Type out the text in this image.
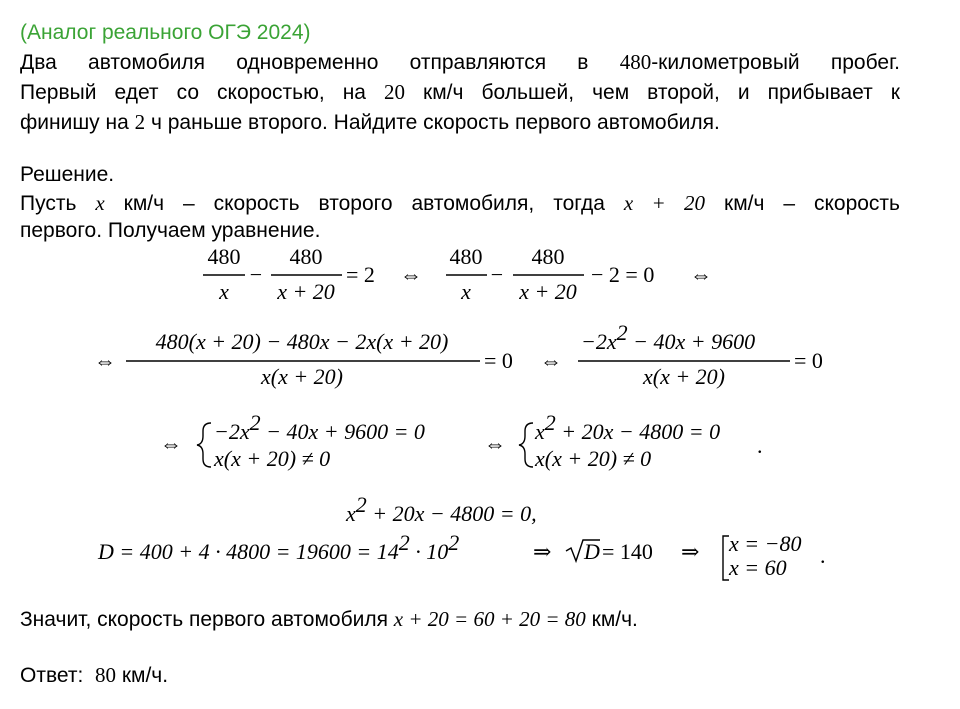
(Аналог реального ОГЭ 2024)

Два автомобиля одновременно отправляются в 480-километровый пробег.

Первый едет со скоростью, на 20 км/ч большей, чем второй, и прибывает к

финишу на 2 ч раньше второго. Найдите скорость первого автомобиля.

Решение.

Пусть x км/ч – скорость второго автомобиля, тогда x + 20 км/ч – скорость

первого. Получаем уравнение.

480
x
−
480
x + 20
= 2 ⇔
480
x
−
480
x + 20
− 2 = 0 ⇔
⇔
480(x + 20) − 480x − 2x(x + 20)
x(x + 20)
= 0 ⇔
−2x2 − 40x + 9600
x(x + 20)
= 0
⇔ −2x2 − 40x + 9600 = 0
x(x + 20) ≠ 0
⇔ x2 + 20x − 4800 = 0
x(x + 20) ≠ 0
.
x2 + 20x − 4800 = 0,
D = 400 + 4 · 4800 = 19600 = 142 · 102	⇒ D = 140 ⇒ x = −80
x = 60 .

Значит, скорость первого автомобиля x + 20 = 60 + 20 = 80 км/ч.

Ответ: 80 км/ч.
